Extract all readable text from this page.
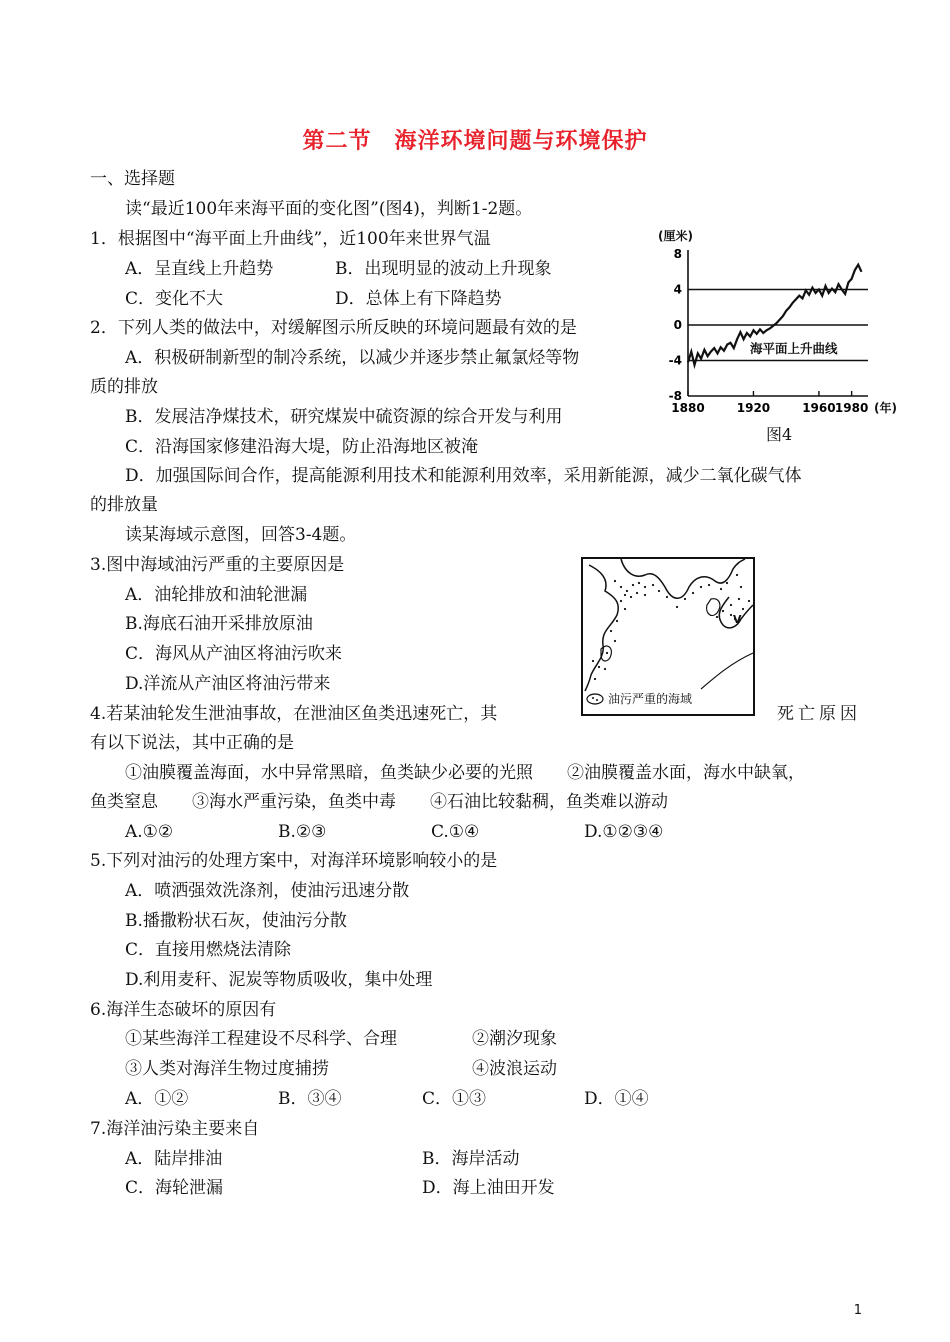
第二节　海洋环境问题与环境保护
一、选择题
读“最近100年来海平面的变化图”(图4)，判断1-2题。
1．根据图中“海平面上升曲线”，近100年来世界气温
A．呈直线上升趋势	B．出现明显的波动上升现象
C．变化不大	D．总体上有下降趋势
2．下列人类的做法中，对缓解图示所反映的环境问题最有效的是
A．积极研制新型的制冷系统，以减少并逐步禁止氟氯烃等物
质的排放
B．发展洁净煤技术，研究煤炭中硫资源的综合开发与利用
C．沿海国家修建沿海大堤，防止沿海地区被淹
D．加强国际间合作，提高能源利用技术和能源利用效率，采用新能源，减少二氧化碳气体
的排放量
读某海域示意图，回答3-4题。
3.图中海域油污严重的主要原因是
A．油轮排放和油轮泄漏
B.海底石油开采排放原油
C．海风从产油区将油污吹来
D.洋流从产油区将油污带来
4.若某油轮发生泄油事故，在泄油区鱼类迅速死亡，其	死亡原因
有以下说法，其中正确的是
①油膜覆盖海面，水中异常黑暗，鱼类缺少必要的光照　　②油膜覆盖水面，海水中缺氧，
鱼类窒息　　③海水严重污染，鱼类中毒　　④石油比较黏稠，鱼类难以游动
A.①②	B.②③	C.①④	D.①②③④
5.下列对油污的处理方案中，对海洋环境影响较小的是
A．喷洒强效洗涤剂，使油污迅速分散
B.播撒粉状石灰，使油污分散
C．直接用燃烧法清除
D.利用麦秆、泥炭等物质吸收，集中处理
6.海洋生态破坏的原因有
①某些海洋工程建设不尽科学、合理	②潮汐现象
③人类对海洋生物过度捕捞	④波浪运动
A．①②	B．③④	C．①③	D．①④
7.海洋油污染主要来自
A．陆岸排油	B．海岸活动
C．海轮泄漏	D．海上油田开发
(厘米)
8
4
0
-4
-8
1880	1920	1960 1980
海平面上升曲线
(年)
图4
V
油污严重的海域
1
